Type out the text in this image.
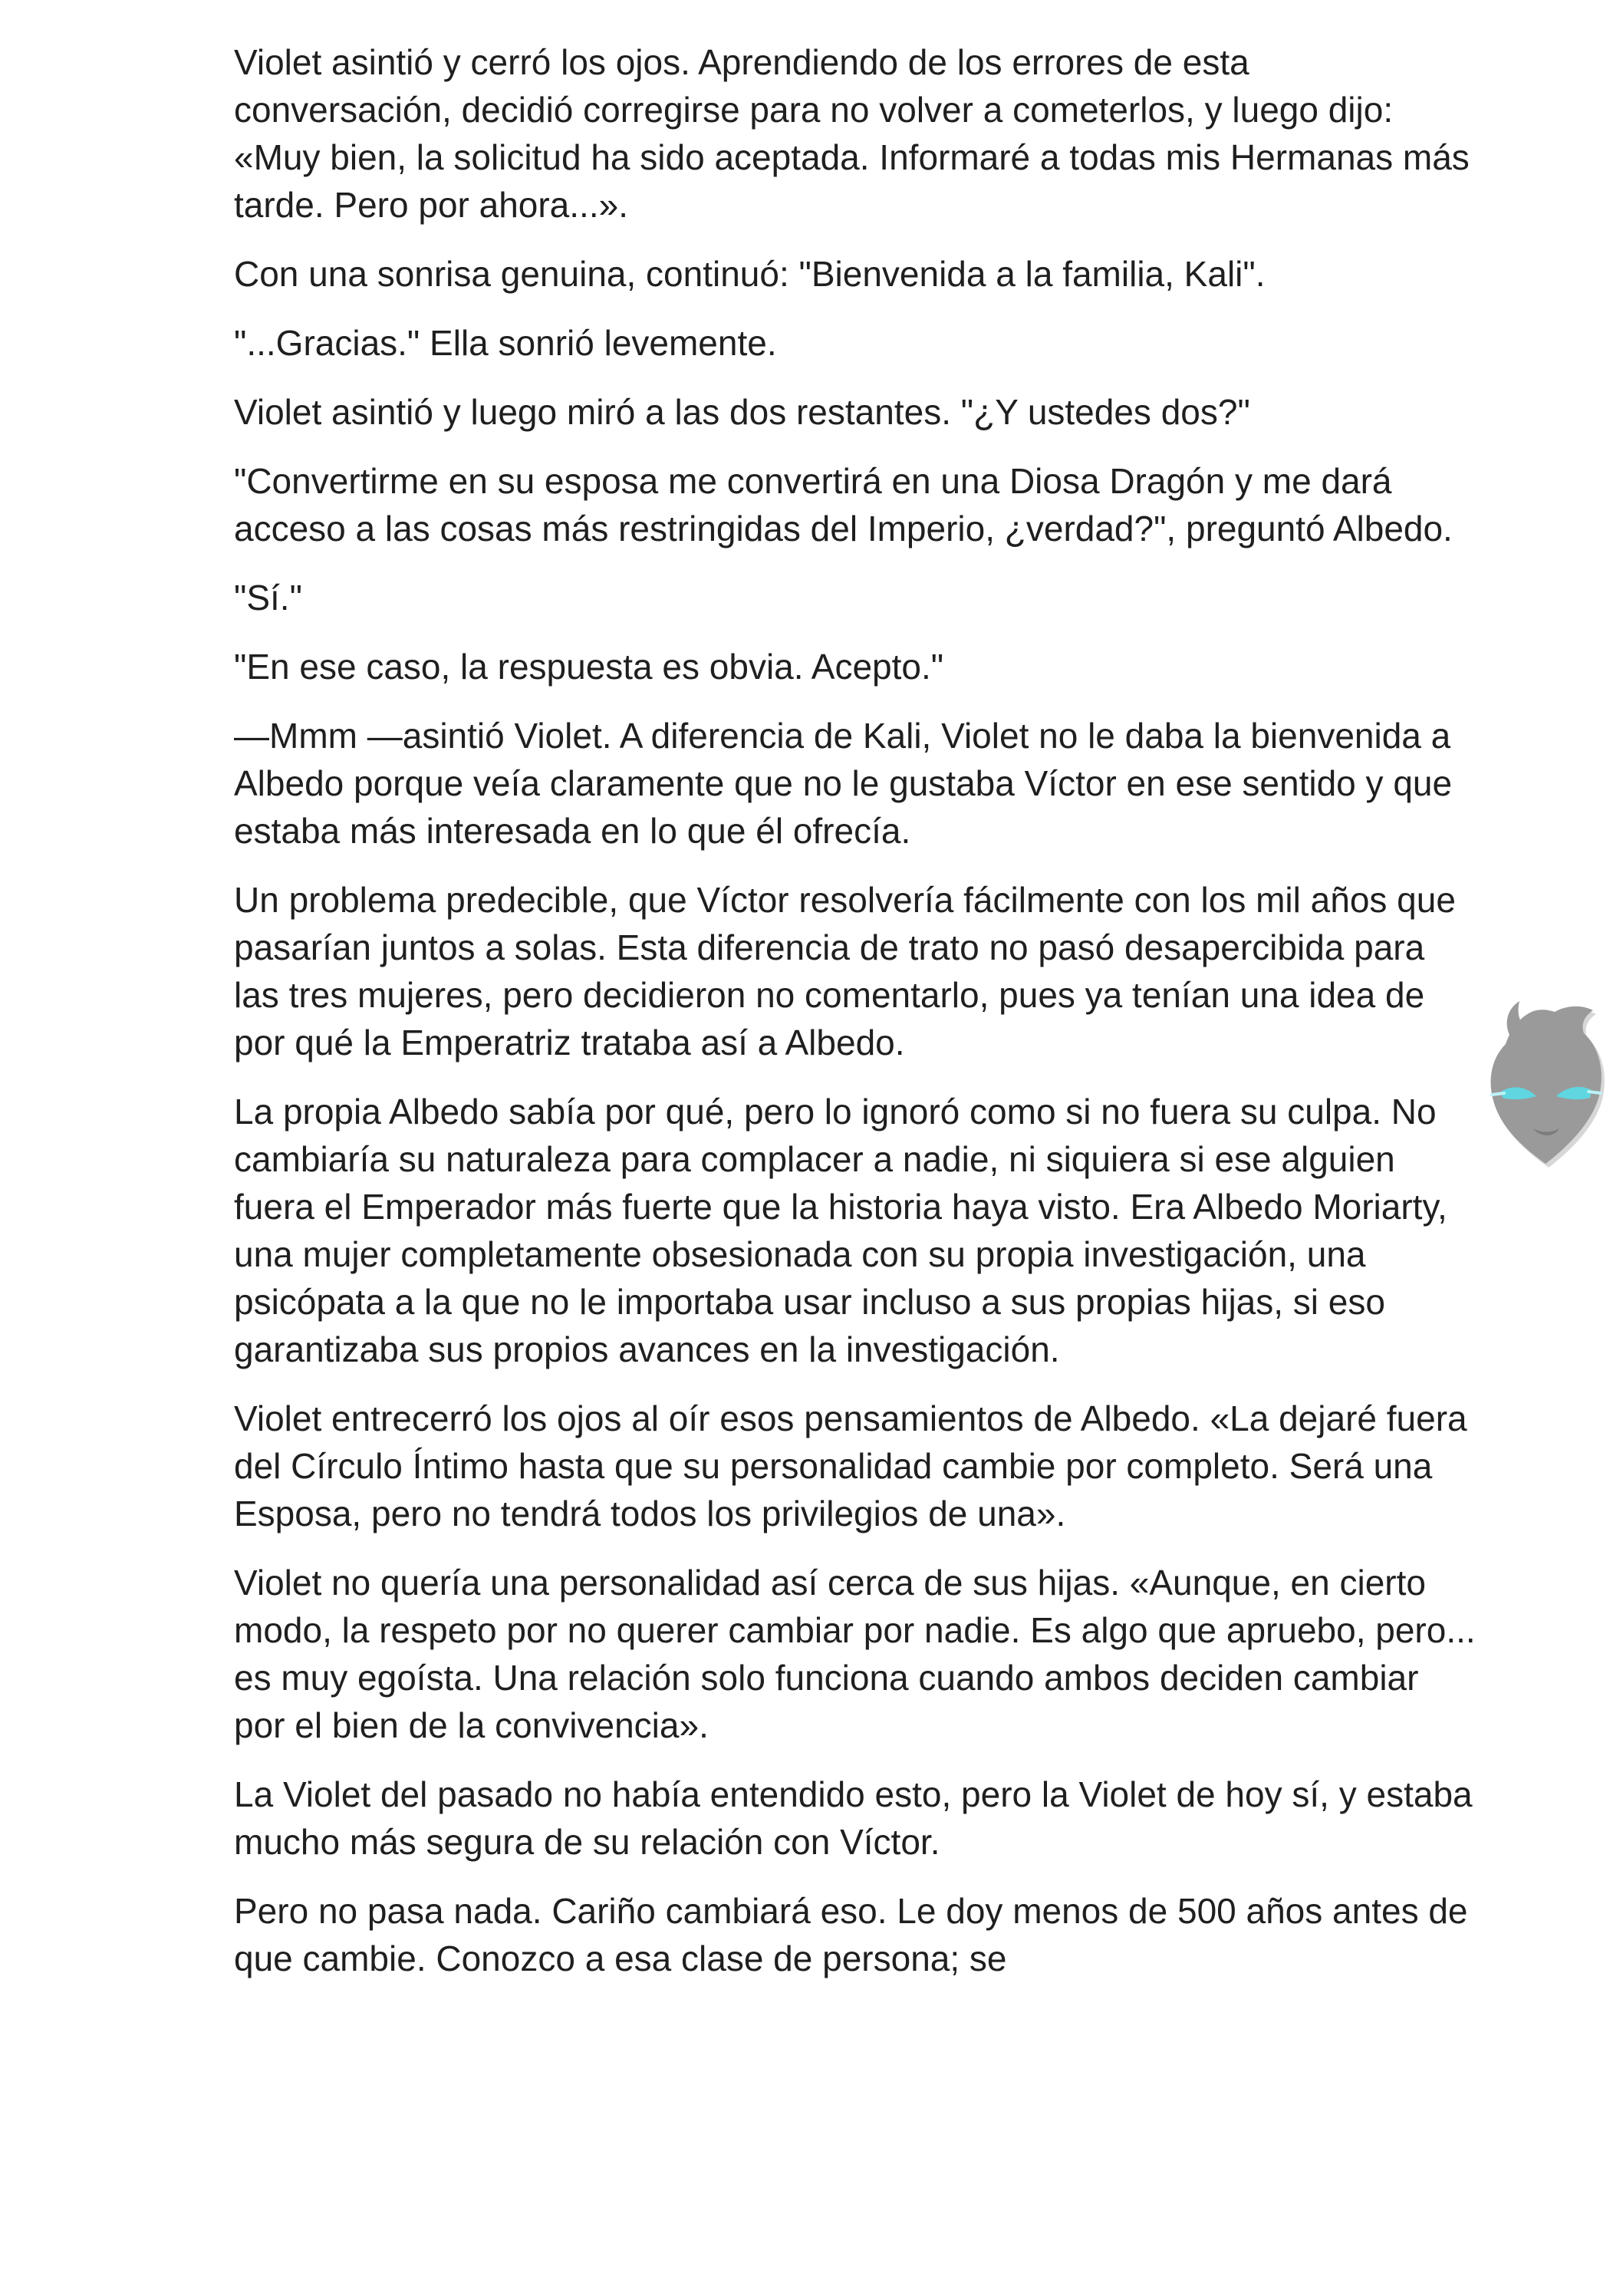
Violet asintió y cerró los ojos. Aprendiendo de los errores de esta conversación, decidió corregirse para no volver a cometerlos, y luego dijo: «Muy bien, la solicitud ha sido aceptada. Informaré a todas mis Hermanas más tarde. Pero por ahora...».

Con una sonrisa genuina, continuó: "Bienvenida a la familia, Kali".

"...Gracias." Ella sonrió levemente.

Violet asintió y luego miró a las dos restantes. "¿Y ustedes dos?"

"Convertirme en su esposa me convertirá en una Diosa Dragón y me dará acceso a las cosas más restringidas del Imperio, ¿verdad?", preguntó Albedo.

"Sí."

"En ese caso, la respuesta es obvia. Acepto."

—Mmm —asintió Violet. A diferencia de Kali, Violet no le daba la bienvenida a Albedo porque veía claramente que no le gustaba Víctor en ese sentido y que estaba más interesada en lo que él ofrecía.

Un problema predecible, que Víctor resolvería fácilmente con los mil años que pasarían juntos a solas. Esta diferencia de trato no pasó desapercibida para las tres mujeres, pero decidieron no comentarlo, pues ya tenían una idea de por qué la Emperatriz trataba así a Albedo.

La propia Albedo sabía por qué, pero lo ignoró como si no fuera su culpa. No cambiaría su naturaleza para complacer a nadie, ni siquiera si ese alguien fuera el Emperador más fuerte que la historia haya visto. Era Albedo Moriarty, una mujer completamente obsesionada con su propia investigación, una psicópata a la que no le importaba usar incluso a sus propias hijas, si eso garantizaba sus propios avances en la investigación.

Violet entrecerró los ojos al oír esos pensamientos de Albedo. «La dejaré fuera del Círculo Íntimo hasta que su personalidad cambie por completo. Será una Esposa, pero no tendrá todos los privilegios de una».

Violet no quería una personalidad así cerca de sus hijas. «Aunque, en cierto modo, la respeto por no querer cambiar por nadie. Es algo que apruebo, pero... es muy egoísta. Una relación solo funciona cuando ambos deciden cambiar por el bien de la convivencia».

La Violet del pasado no había entendido esto, pero la Violet de hoy sí, y estaba mucho más segura de su relación con Víctor.

Pero no pasa nada. Cariño cambiará eso. Le doy menos de 500 años antes de que cambie. Conozco a esa clase de persona; se
